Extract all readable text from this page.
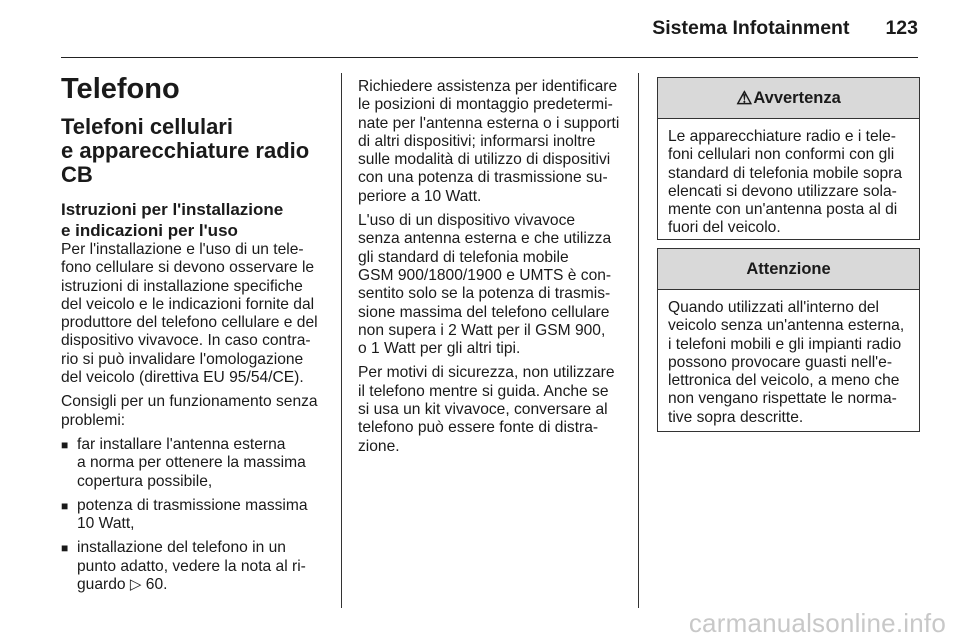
Sistema Infotainment 123
Telefono
Telefoni cellulari
e apparecchiature radio
CB
Istruzioni per l'installazione
e indicazioni per l'uso
Per l'installazione e l'uso di un tele-
fono cellulare si devono osservare le
istruzioni di installazione specifiche
del veicolo e le indicazioni fornite dal
produttore del telefono cellulare e del
dispositivo vivavoce. In caso contra-
rio si può invalidare l'omologazione
del veicolo (direttiva EU 95/54/CE).
Consigli per un funzionamento senza
problemi:
■ far installare l'antenna esterna
a norma per ottenere la massima
copertura possibile,
■ potenza di trasmissione massima
10 Watt,
■ installazione del telefono in un
punto adatto, vedere la nota al ri-
guardo ▷ 60.
Richiedere assistenza per identificare
le posizioni di montaggio predetermi-
nate per l'antenna esterna o i supporti
di altri dispositivi; informarsi inoltre
sulle modalità di utilizzo di dispositivi
con una potenza di trasmissione su-
periore a 10 Watt.
L'uso di un dispositivo vivavoce
senza antenna esterna e che utilizza
gli standard di telefonia mobile
GSM 900/1800/1900 e UMTS è con-
sentito solo se la potenza di trasmis-
sione massima del telefono cellulare
non supera i 2 Watt per il GSM 900,
o 1 Watt per gli altri tipi.
Per motivi di sicurezza, non utilizzare
il telefono mentre si guida. Anche se
si usa un kit vivavoce, conversare al
telefono può essere fonte di distra-
zione.
⚠ Avvertenza
Le apparecchiature radio e i tele-
foni cellulari non conformi con gli
standard di telefonia mobile sopra
elencati si devono utilizzare sola-
mente con un'antenna posta al di
fuori del veicolo.
Attenzione
Quando utilizzati all'interno del
veicolo senza un'antenna esterna,
i telefoni mobili e gli impianti radio
possono provocare guasti nell'e-
lettronica del veicolo, a meno che
non vengano rispettate le norma-
tive sopra descritte.
carmanualsonline.info
